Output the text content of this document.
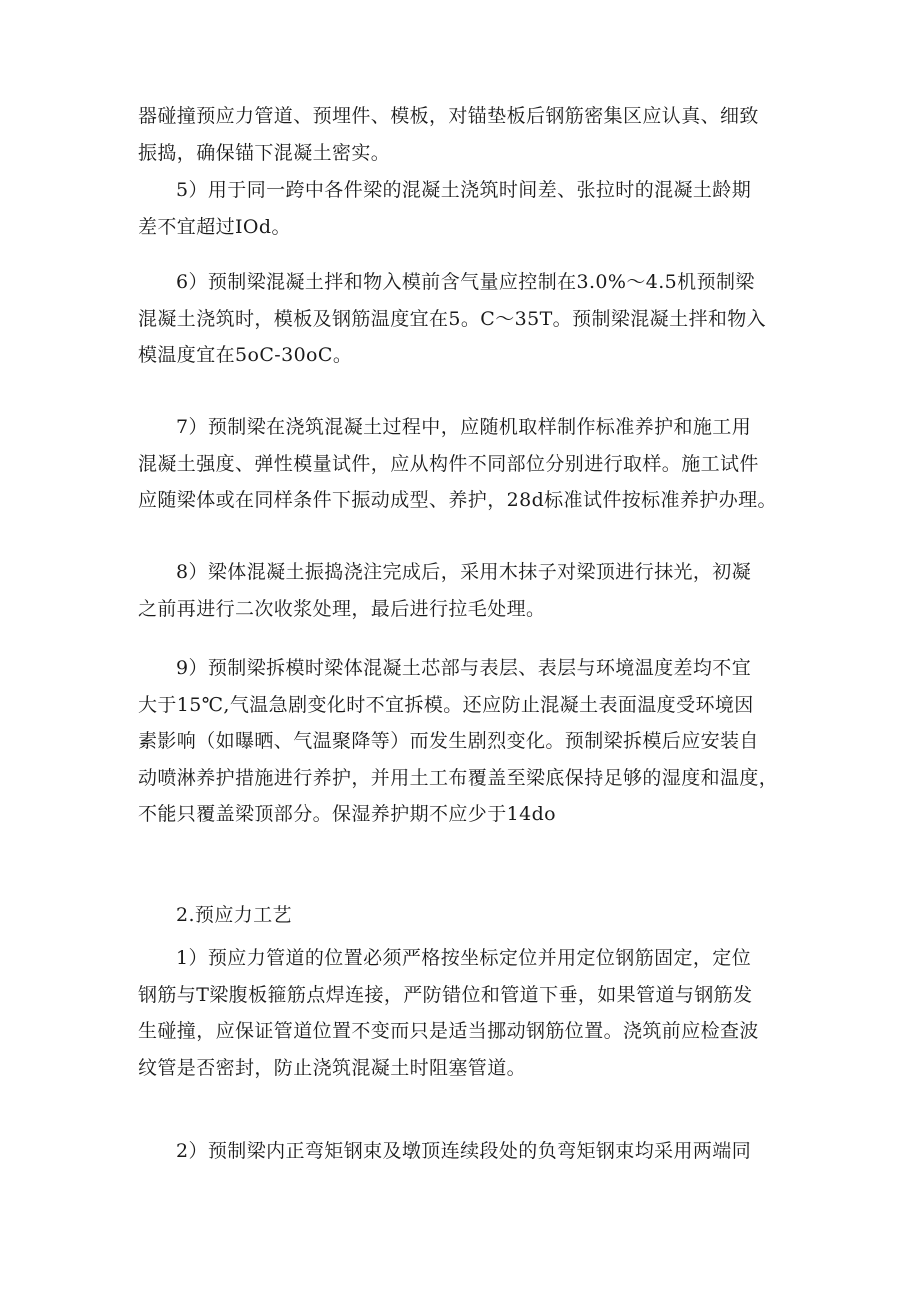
器碰撞预应力管道、预埋件、模板，对锚垫板后钢筋密集区应认真、细致
振捣，确保锚下混凝土密实。

5）用于同一跨中各件梁的混凝土浇筑时间差、张拉时的混凝土龄期
差不宜超过IOd。

6）预制梁混凝土拌和物入模前含气量应控制在3.0%～4.5机预制梁
混凝土浇筑时，模板及钢筋温度宜在5。C～35T。预制梁混凝土拌和物入
模温度宜在5oC-30oC。

7）预制梁在浇筑混凝土过程中，应随机取样制作标准养护和施工用
混凝土强度、弹性模量试件，应从构件不同部位分别进行取样。施工试件
应随梁体或在同样条件下振动成型、养护，28d标准试件按标准养护办理。

8）梁体混凝土振捣浇注完成后，采用木抹子对梁顶进行抹光，初凝
之前再进行二次收浆处理，最后进行拉毛处理。

9）预制梁拆模时梁体混凝土芯部与表层、表层与环境温度差均不宜
大于15℃,气温急剧变化时不宜拆模。还应防止混凝土表面温度受环境因
素影响（如曝晒、气温聚降等）而发生剧烈变化。预制梁拆模后应安装自
动喷淋养护措施进行养护，并用土工布覆盖至梁底保持足够的湿度和温度，
不能只覆盖梁顶部分。保湿养护期不应少于14do

2.预应力工艺

1）预应力管道的位置必须严格按坐标定位并用定位钢筋固定，定位
钢筋与T梁腹板箍筋点焊连接，严防错位和管道下垂，如果管道与钢筋发
生碰撞，应保证管道位置不变而只是适当挪动钢筋位置。浇筑前应检查波
纹管是否密封，防止浇筑混凝土时阻塞管道。

2）预制梁内正弯矩钢束及墩顶连续段处的负弯矩钢束均采用两端同
